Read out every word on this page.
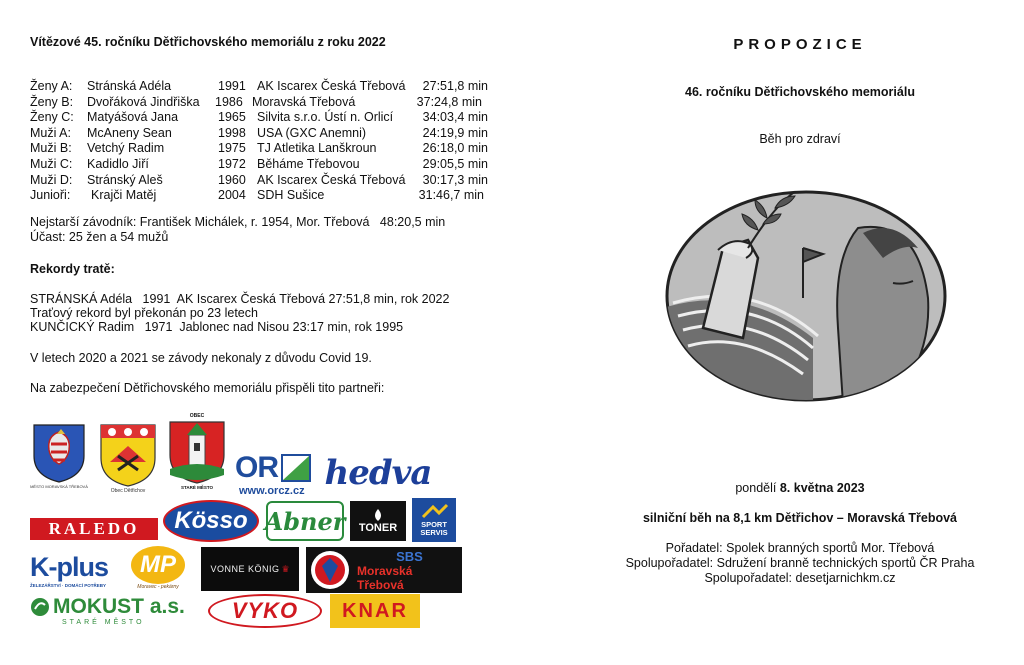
Vítězové 45. ročníku Dětřichovského memoriálu z roku 2022
Ženy A: Stránská Adéla	1991 AK Iscarex Česká Třebová 27:51,8 min
Ženy B: Dvořáková Jindřiška 1986 Moravská Třebová	37:24,8 min
Ženy C: Matyášová Jana	1965 Silvita s.r.o. Ústí n. Orlicí 34:03,4 min
Muži A: McAneny Sean	1998 USA (GXC Anemni)	24:19,9 min
Muži B: Vetchý Radim	1975 TJ Atletika Lanškroun	26:18,0 min
Muži C: Kadidlo Jiří	1972 Běháme Třebovou	29:05,5 min
Muži D: Stránský Aleš	1960 AK Iscarex Česká Třebová 30:17,3 min
Junioři: Krajči Matěj	2004 SDH Sušice	31:46,7 min
Nejstarší závodník: František Michálek, r. 1954, Mor. Třebová   48:20,5 min
Účast: 25 žen a 54 mužů
Rekordy tratě:
STRÁNSKÁ Adéla   1991  AK Iscarex Česká Třebová 27:51,8 min, rok 2022
Traťový rekord byl překonán po 23 letech
KUNČICKÝ Radim   1971  Jablonec nad Nisou 23:17 min, rok 1995
V letech 2020 a 2021 se závody nekonaly z důvodu Covid 19.
Na zabezpečení Dětřichovského memoriálu přispěli tito partneři:
MĚSTO MORAVSKÁ TŘEBOVÁ
Obec Dětřichov
OBEC
STARÉ MĚSTO
OR
www.orcz.cz hedva
RALEDO Kösso Abner TONER	SPORT SERVIS
K-plus
ŽELEZÁŘSTVÍ · DOMÁCÍ POTŘEBY
MP
Moravec - pekárny
VONNE KÖNIG ♛
SBS
Moravská Třebová
MOKUST a.s.
STARÉ MĚSTO	VYKO KNAR
PROPOZICE
46. ročníku Dětřichovského memoriálu
Běh pro zdraví
pondělí 8. května 2023
silniční běh na 8,1 km Dětřichov – Moravská Třebová
Pořadatel: Spolek branných sportů Mor. Třebová
Spolupořadatel: Sdružení branně technických sportů ČR Praha
Spolupořadatel: desetjarnichkm.cz
